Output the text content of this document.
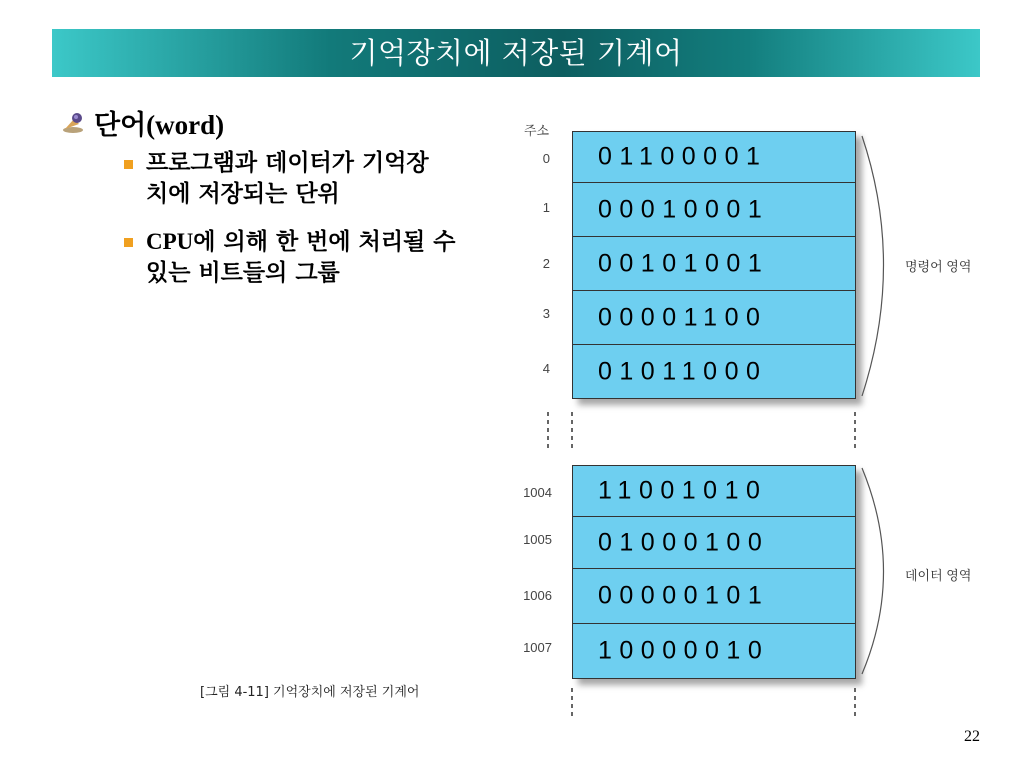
기억장치에 저장된 기계어
단어(word)
프로그램과 데이터가 기억장
치에 저장되는 단위
CPU에 의해 한 번에 처리될 수
있는 비트들의 그룹
주소
01100001
00010001
00101001
00001100
01011000
0
1
2
3
4
11001010
01000100
00000101
10000010
1004
1005
1006
1007
명령어 영역
데이터 영역
[그림 4-11] 기억장치에 저장된 기계어
22
